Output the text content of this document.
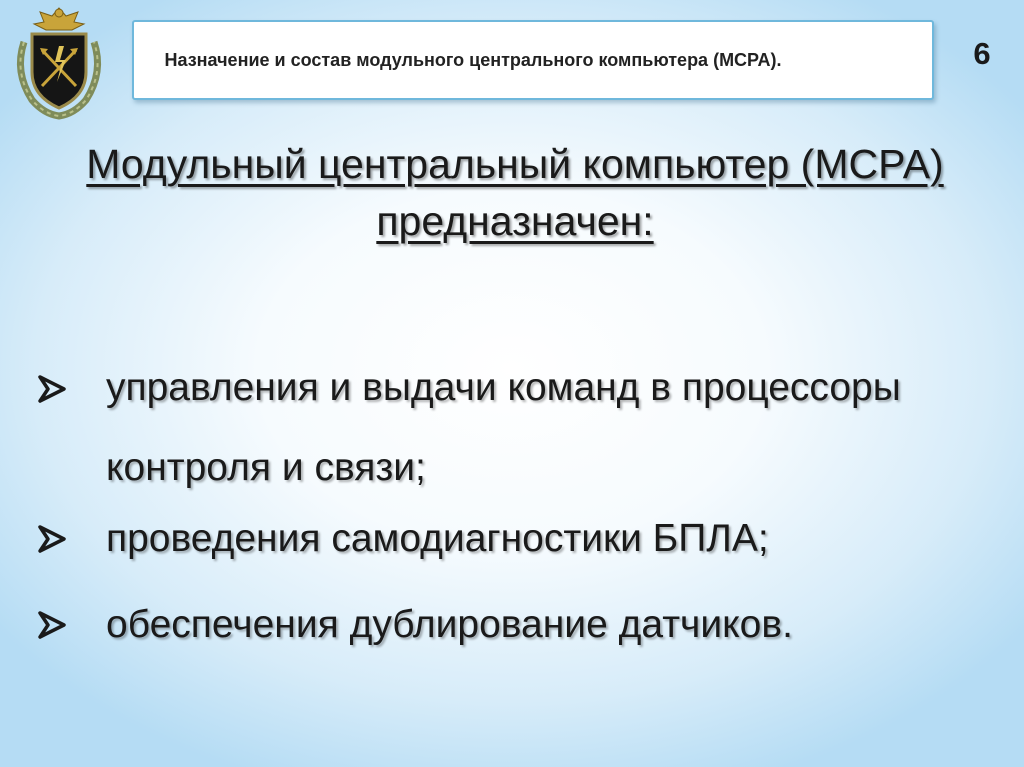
Назначение и состав модульного центрального компьютера (МСРА).	6
Модульный центральный компьютер (МСРА) предназначен:
управления и выдачи команд в процессоры контроля и связи;
проведения самодиагностики БПЛА;
обеспечения дублирование датчиков.
